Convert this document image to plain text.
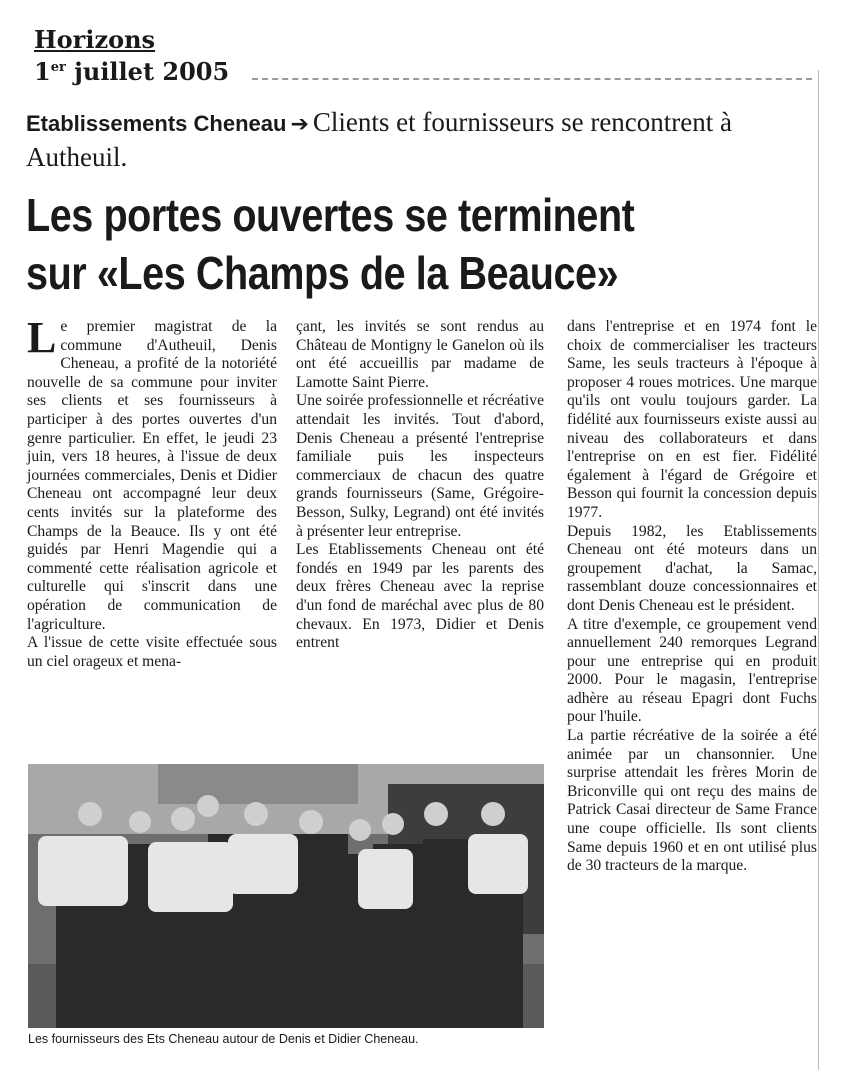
Horizons
1er juillet 2005
Etablissements Cheneau ➔ Clients et fournisseurs se rencontrent à Autheuil.
Les portes ouvertes se terminent
sur «Les Champs de la Beauce»

Le premier magistrat de la commune d'Autheuil, Denis Cheneau, a profité de la notoriété nouvelle de sa commune pour inviter ses clients et ses fournisseurs à participer à des portes ouvertes d'un genre particulier. En effet, le jeudi 23 juin, vers 18 heures, à l'issue de deux journées commerciales, Denis et Didier Cheneau ont accompagné leur deux cents invités sur la plateforme des Champs de la Beauce. Ils y ont été guidés par Henri Magendie qui a commenté cette réalisation agricole et culturelle qui s'inscrit dans une opération de communication de l'agriculture.

A l'issue de cette visite effectuée sous un ciel orageux et mena-

çant, les invités se sont rendus au Château de Montigny le Ganelon où ils ont été accueillis par madame de Lamotte Saint Pierre.

Une soirée professionnelle et récréative attendait les invités. Tout d'abord, Denis Cheneau a présenté l'entreprise familiale puis les inspecteurs commerciaux de chacun des quatre grands fournisseurs (Same, Grégoire-Besson, Sulky, Legrand) ont été invités à présenter leur entreprise.

Les Etablissements Cheneau ont été fondés en 1949 par les parents des deux frères Cheneau avec la reprise d'un fond de maréchal avec plus de 80 chevaux. En 1973, Didier et Denis entrent

dans l'entreprise et en 1974 font le choix de commercialiser les tracteurs Same, les seuls tracteurs à l'époque à proposer 4 roues motrices. Une marque qu'ils ont voulu toujours garder. La fidélité aux fournisseurs existe aussi au niveau des collaborateurs et dans l'entreprise on en est fier. Fidélité également à l'égard de Grégoire et Besson qui fournit la concession depuis 1977.

Depuis 1982, les Etablissements Cheneau ont été moteurs dans un groupement d'achat, la Samac, rassemblant douze concessionnaires et dont Denis Cheneau est le président.

A titre d'exemple, ce groupement vend annuellement 240 remorques Legrand pour une entreprise qui en produit 2000. Pour le magasin, l'entreprise adhère au réseau Epagri dont Fuchs pour l'huile.

La partie récréative de la soirée a été animée par un chansonnier. Une surprise attendait les frères Morin de Briconville qui ont reçu des mains de Patrick Casai directeur de Same France une coupe officielle. Ils sont clients Same depuis 1960 et en ont utilisé plus de 30 tracteurs de la marque.

Les fournisseurs des Ets Cheneau autour de Denis et Didier Cheneau.
